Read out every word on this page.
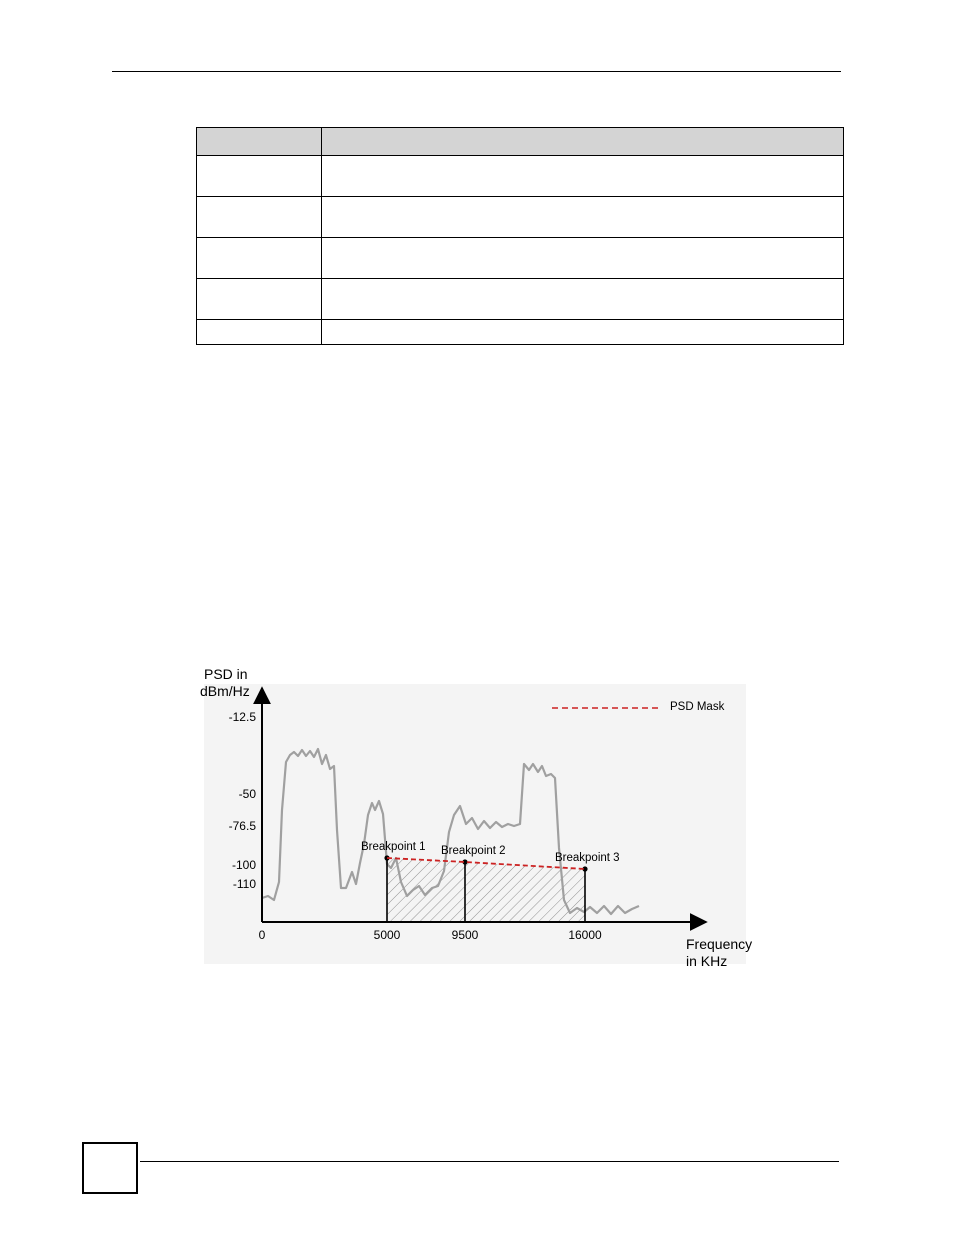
Breakpoint 1 Breakpoint 2
Breakpoint 3
PSD Mask
-12.5
-50
-76.5
-100
-110
0	5000	9500	16000
PSD in
dBm/Hz
Frequency
in KHz
